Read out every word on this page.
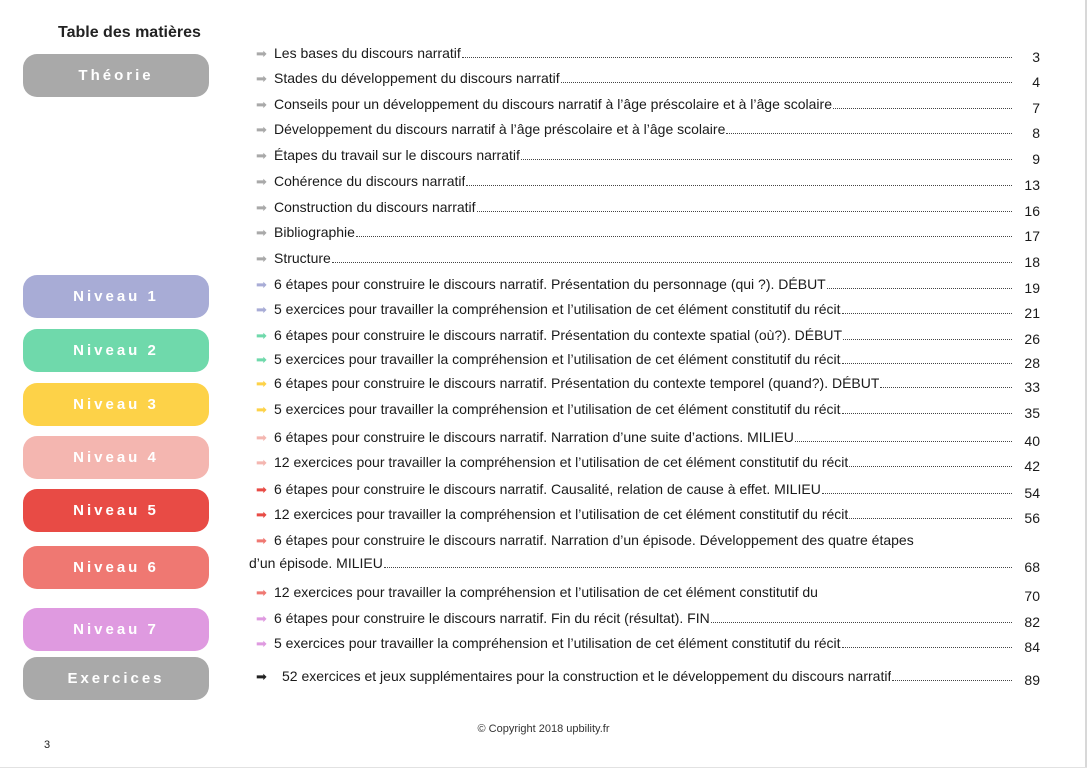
Table des matières
Théorie
Niveau 1
Niveau 2
Niveau 3
Niveau 4
Niveau 5
Niveau 6
Niveau 7
Exercices
➡ Les bases du discours narratif	3
➡ Stades du développement du discours narratif	4
➡ Conseils pour un développement du discours narratif à l’âge préscolaire et à l’âge scolaire	7
➡ Développement du discours narratif à l’âge préscolaire et à l’âge scolaire	8
➡ Étapes du travail sur le discours narratif	9
➡ Cohérence du discours narratif	13
➡ Construction du discours narratif	16
➡ Bibliographie	17
➡ Structure	18
➡ 6 étapes pour construire le discours narratif. Présentation du personnage (qui ?). DÉBUT	19
➡ 5 exercices pour travailler la compréhension et l’utilisation de cet élément constitutif du récit	21
➡ 6 étapes pour construire le discours narratif. Présentation du contexte spatial (où?). DÉBUT	26
➡ 5 exercices pour travailler la compréhension et l’utilisation de cet élément constitutif du récit	28
➡ 6 étapes pour construire le discours narratif. Présentation du contexte temporel (quand?). DÉBUT	33
➡ 5 exercices pour travailler la compréhension et l’utilisation de cet élément constitutif du récit	35
➡ 6 étapes pour construire le discours narratif. Narration d’une suite d’actions. MILIEU	40
➡ 12 exercices pour travailler la compréhension et l’utilisation de cet élément constitutif du récit	42
➡ 6 étapes pour construire le discours narratif. Causalité, relation de cause à effet. MILIEU	54
➡ 12 exercices pour travailler la compréhension et l’utilisation de cet élément constitutif du récit	56
➡ 6 étapes pour construire le discours narratif. Narration d’un épisode. Développement des quatre étapes
d’un épisode. MILIEU	68
➡ 12 exercices pour travailler la compréhension et l’utilisation de cet élément constitutif du	70
➡ 6 étapes pour construire le discours narratif. Fin du récit (résultat). FIN	82
➡ 5 exercices pour travailler la compréhension et l’utilisation de cet élément constitutif du récit	84
➡	52 exercices et jeux supplémentaires pour la construction et le développement du discours narratif	89
© Copyright 2018 upbility.fr
3
